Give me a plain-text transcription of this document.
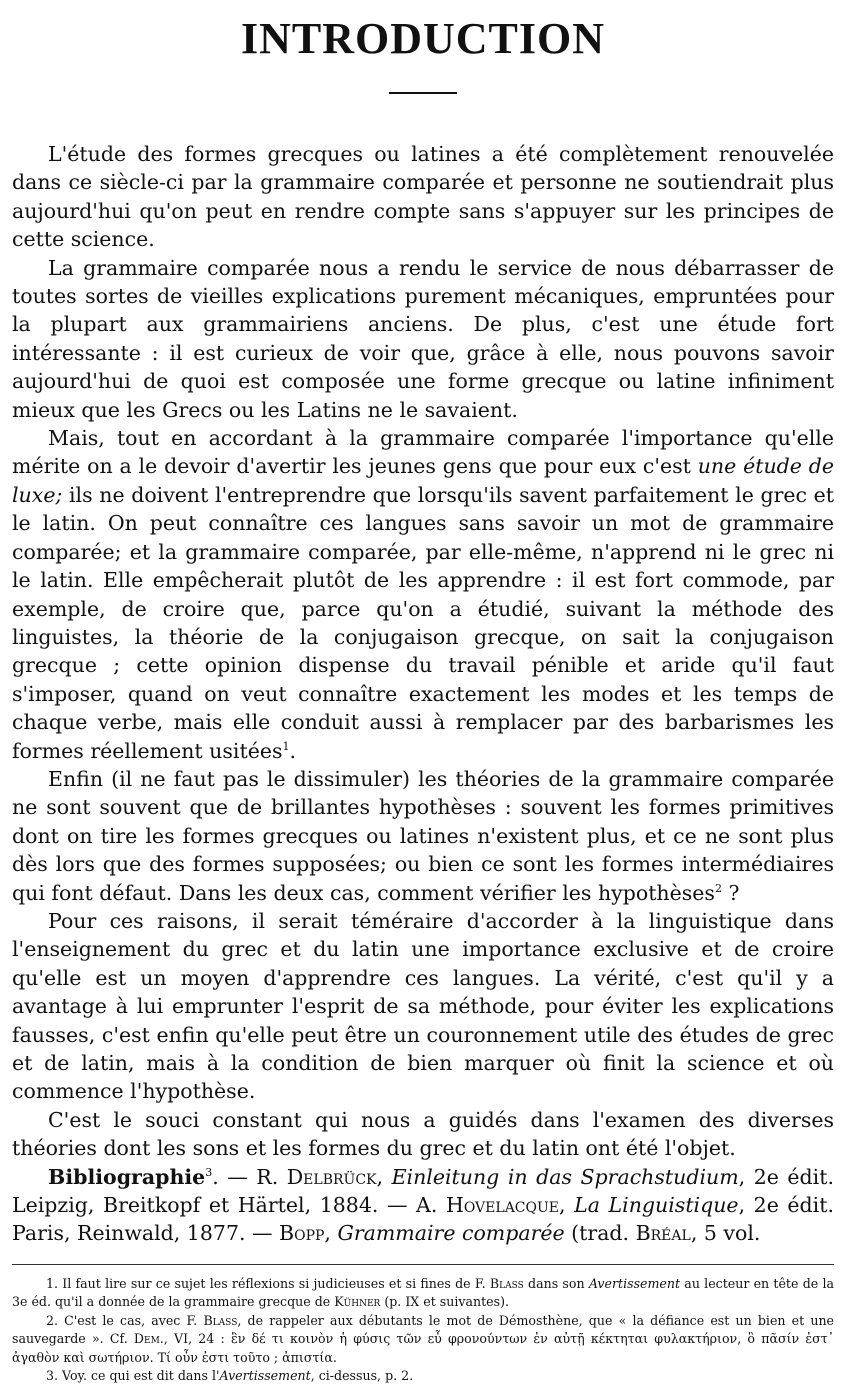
INTRODUCTION

L'étude des formes grecques ou latines a été complètement renouvelée dans ce siècle-ci par la grammaire comparée et personne ne soutiendrait plus aujourd'hui qu'on peut en rendre compte sans s'appuyer sur les principes de cette science.

La grammaire comparée nous a rendu le service de nous débarrasser de toutes sortes de vieilles explications purement mécaniques, empruntées pour la plupart aux grammairiens anciens. De plus, c'est une étude fort intéressante : il est curieux de voir que, grâce à elle, nous pouvons savoir aujourd'hui de quoi est composée une forme grecque ou latine infiniment mieux que les Grecs ou les Latins ne le savaient.

Mais, tout en accordant à la grammaire comparée l'importance qu'elle mérite on a le devoir d'avertir les jeunes gens que pour eux c'est une étude de luxe; ils ne doivent l'entreprendre que lorsqu'ils savent parfaitement le grec et le latin. On peut connaître ces langues sans savoir un mot de grammaire comparée; et la grammaire comparée, par elle-même, n'apprend ni le grec ni le latin. Elle empêcherait plutôt de les apprendre : il est fort commode, par exemple, de croire que, parce qu'on a étudié, suivant la méthode des linguistes, la théorie de la conjugaison grecque, on sait la conjugaison grecque ; cette opinion dispense du travail pénible et aride qu'il faut s'imposer, quand on veut connaître exactement les modes et les temps de chaque verbe, mais elle conduit aussi à remplacer par des barbarismes les formes réellement usitées$^1$.

Enfin (il ne faut pas le dissimuler) les théories de la grammaire comparée ne sont souvent que de brillantes hypothèses : souvent les formes primitives dont on tire les formes grecques ou latines n'existent plus, et ce ne sont plus dès lors que des formes supposées; ou bien ce sont les formes intermédiaires qui font défaut. Dans les deux cas, comment vérifier les hypothèses$^2$ ?

Pour ces raisons, il serait téméraire d'accorder à la linguistique dans l'enseignement du grec et du latin une importance exclusive et de croire qu'elle est un moyen d'apprendre ces langues. La vérité, c'est qu'il y a avantage à lui emprunter l'esprit de sa méthode, pour éviter les explications fausses, c'est enfin qu'elle peut être un couronnement utile des études de grec et de latin, mais à la condition de bien marquer où finit la science et où commence l'hypothèse.

C'est le souci constant qui nous a guidés dans l'examen des diverses théories dont les sons et les formes du grec et du latin ont été l'objet.

Bibliographie$^3$. — R. Delbrück, Einleitung in das Sprachstudium, 2e édit. Leipzig, Breitkopf et Härtel, 1884. — A. Hovelacque, La Linguistique, 2e édit. Paris, Reinwald, 1877. — Bopp, Grammaire comparée (trad. Bréal, 5 vol.

1. Il faut lire sur ce sujet les réflexions si judicieuses et si fines de F. Blass dans son Avertissement au lecteur en tête de la 3e éd. qu'il a donnée de la grammaire grecque de Kühner (p. IX et suivantes).

2. C'est le cas, avec F. Blass, de rappeler aux débutants le mot de Démosthène, que « la défiance est un bien et une sauvegarde ». Cf. Dem., VI, 24 : ἓν δέ τι κοινὸν ἡ φύσις τῶν εὖ φρονούντων ἐν αὐτῇ κέκτηται φυλακτήριον, ὃ πᾶσίν ἐστ᾽ ἀγαθὸν καὶ σωτήριον. Τί οὖν ἐστι τοῦτο ; ἀπιστία.

3. Voy. ce qui est dit dans l'Avertissement, ci-dessus, p. 2.
